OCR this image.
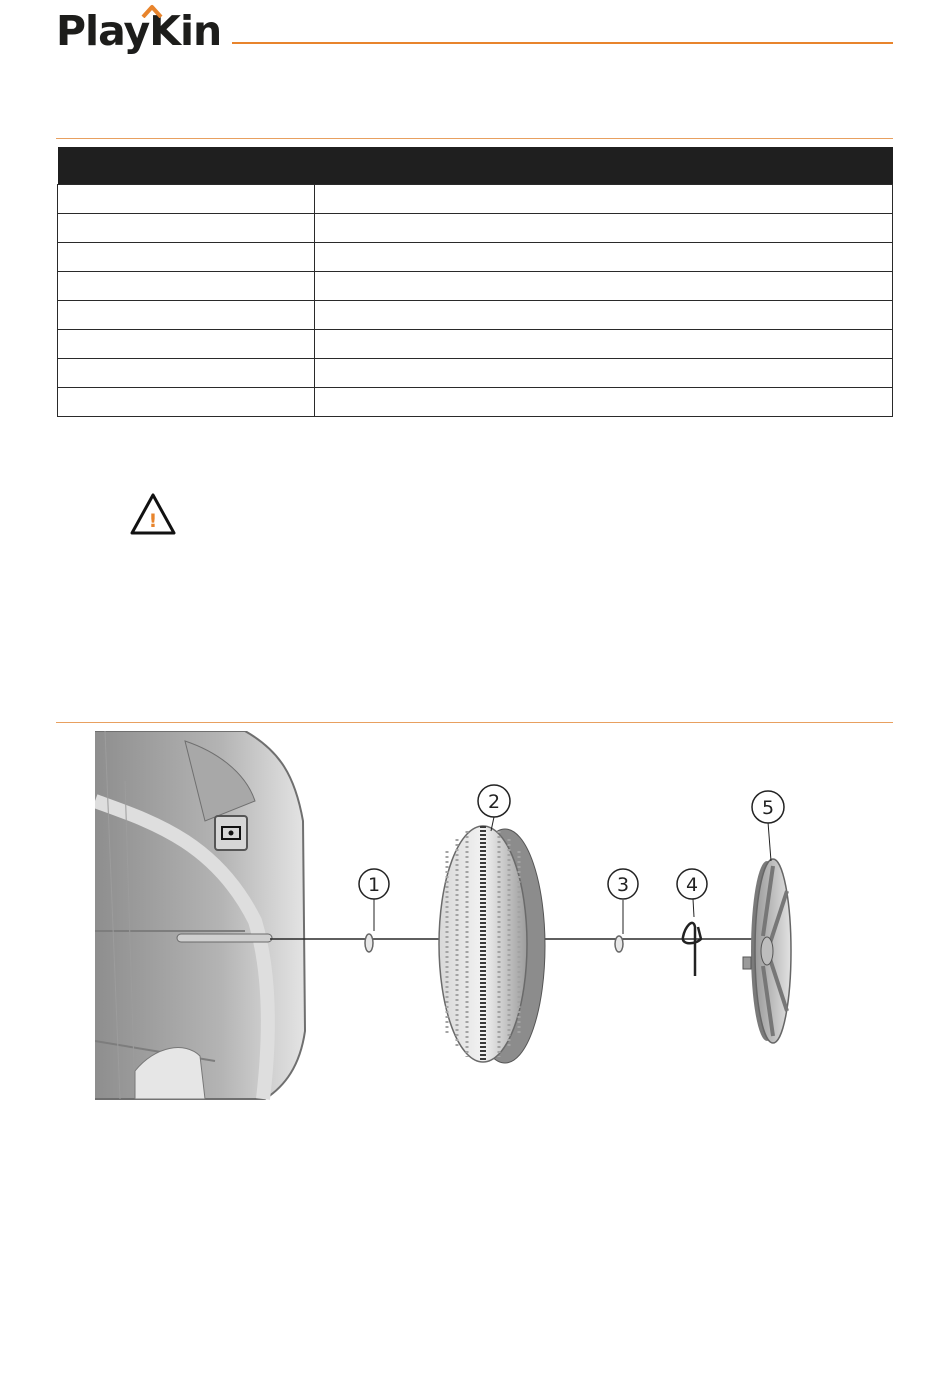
PlayKin

!
1
2
3	4
5
